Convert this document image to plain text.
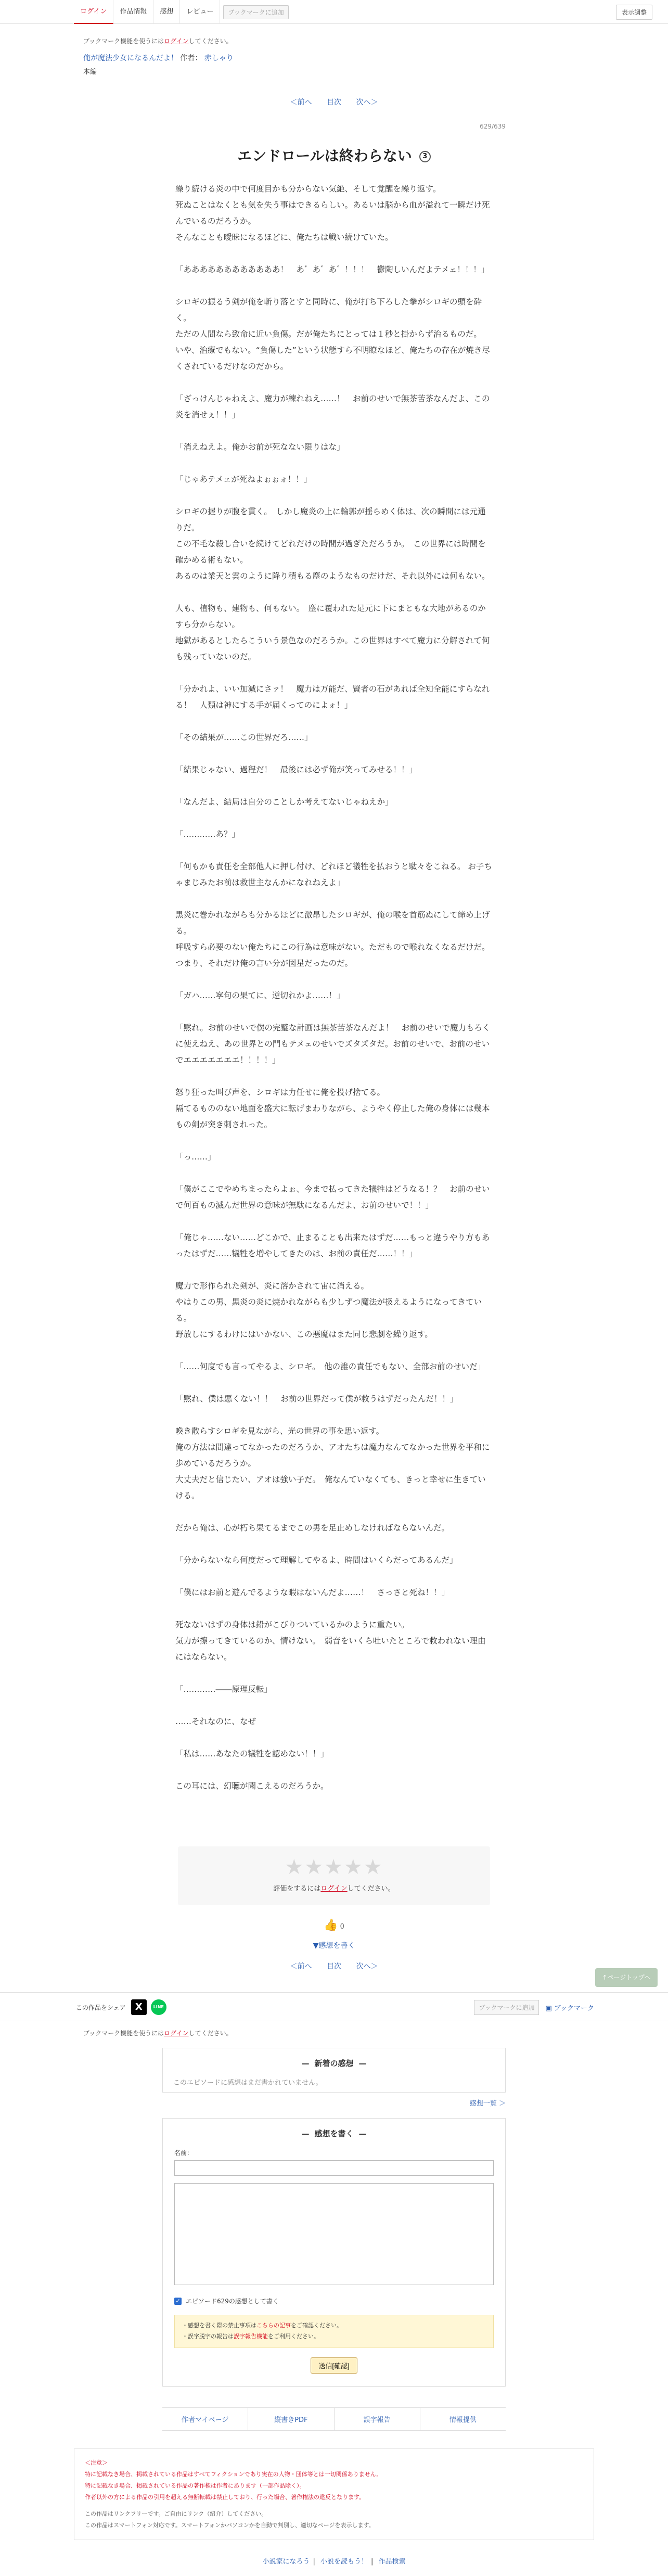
ログイン	作品情報	感想	レビュー	ブックマークに追加	表示調整
ブックマーク機能を使うにはログインしてください。
俺が魔法少女になるんだよ！ 作者： 赤しゃり
本編
＜前へ 目次 次へ＞
629/639
エンドロールは終わらない 3

繰り続ける炎の中で何度目かも分からない気絶、そして覚醒を繰り返す。

死ぬことはなくとも気を失う事はできるらしい。あるいは脳から血が溢れて一瞬だけ死んでいるのだろうか。

そんなことも曖昧になるほどに、俺たちは戦い続けていた。

「ああああああああああああ！　あ゛あ゛あ゛！！！　鬱陶しいんだよテメェ！！！」

シロギの振るう剣が俺を斬り落とすと同時に、俺が打ち下ろした拳がシロギの頭を砕く。

ただの人間なら致命に近い負傷。だが俺たちにとっては１秒と掛からず治るものだ。

いや、治療でもない。“負傷した”という状態すら不明瞭なほど、俺たちの存在が焼き尽くされているだけなのだから。

「ざっけんじゃねえよ、魔力が練れねえ……！　お前のせいで無茶苦茶なんだよ、この炎を消せぇ！！」

「消えねえよ。俺かお前が死なない限りはな」

「じゃあテメェが死ねよぉぉォ！！」

シロギの握りが腹を貫く。　しかし魔炎の上に輪郭が揺らめく体は、次の瞬間には元通りだ。

この不毛な殺し合いを続けてどれだけの時間が過ぎただろうか。　この世界には時間を確かめる術もない。

あるのは業天と雲のように降り積もる塵のようなものだけだ、それ以外には何もない。

人も、植物も、建物も、何もない。　塵に覆われた足元に下にまともな大地があるのかすら分からない。

地獄があるとしたらこういう景色なのだろうか。この世界はすべて魔力に分解されて何も残っていないのだ。

「分かれよ、いい加減にさァ！　魔力は万能だ、賢者の石があれば全知全能にすらなれる！　人類は神にする手が届くってのによォ！」

「その結果が……この世界だろ……」

「結果じゃない、過程だ！　最後には必ず俺が笑ってみせる！！」

「なんだよ、結局は自分のことしか考えてないじゃねえか」

「…………あ？」

「何もかも責任を全部他人に押し付け、どれほど犠牲を払おうと駄々をこねる。 お子ちゃまじみたお前は救世主なんかになれねえよ」

黒炎に巻かれながらも分かるほどに激昂したシロギが、俺の喉を首筋ぬにして締め上げる。

呼吸すら必要のない俺たちにこの行為は意味がない。ただもので喉れなくなるだけだ。

つまり、それだけ俺の言い分が図星だったのだ。

「ガハ……寧句の果てに、逆切れかよ……！」

「黙れ。お前のせいで僕の完璧な計画は無茶苦茶なんだよ！　お前のせいで魔力もろくに使えねえ、あの世界との門もテメェのせいでズタズタだ。お前のせいで、お前のせいでエエエエエエエ！！！！」

怒り狂った叫び声を、シロギは力任せに俺を投げ捨てる。

隔てるもののない地面を盛大に転げまわりながら、ようやく停止した俺の身体には幾本もの剣が突き刺されった。

「っ……」

「僕がここでやめちまったらよぉ、今まで払ってきた犠牲はどうなる！？　お前のせいで何百もの滅んだ世界の意味が無駄になるんだよ、お前のせいで！！」

「俺じゃ……ない……どこかで、止まることも出来たはずだ……もっと違うやり方もあったはずだ……犠牲を増やしてきたのは、お前の責任だ……！！」

魔力で形作られた剣が、炎に溶かされて宙に消える。

やはりこの男、黒炎の炎に焼かれながらも少しずつ魔法が扱えるようになってきている。

野放しにするわけにはいかない、この悪魔はまた同じ悲劇を繰り返す。

「……何度でも言ってやるよ、シロギ。　他の誰の責任でもない、全部お前のせいだ」

「黙れ、僕は悪くない！！　お前の世界だって僕が救うはずだったんだ！！」

喚き散らすシロギを見ながら、光の世界の事を思い返す。

俺の方法は間違ってなかったのだろうか、アオたちは魔力なんてなかった世界を平和に歩めているだろうか。

大丈夫だと信じたい、アオは強い子だ。　俺なんていなくても、きっと幸せに生きていける。

だから俺は、心が朽ち果てるまでこの男を足止めしなければならないんだ。

「分からないなら何度だって理解してやるよ、時間はいくらだってあるんだ」

「僕にはお前と遊んでるような暇はないんだよ……！　さっさと死ね！！」

死なないはずの身体は鉛がこびりついているかのように重たい。

気力が擦ってきているのか、情けない。　弱音をいくら吐いたところで救われない理由にはならない。

「…………――原理反転」

……それなのに、なぜ

「私は……あなたの犠牲を認めない！！」

この耳には、幻聴が聞こえるのだろうか。

★★★★★
評価をするにはログインしてください。
👍 0
▼感想を書く
＜前へ 目次 次へ＞
↑ページトップへ
この作品をシェア	X	LINE	ブックマークに追加	▣ ブックマーク
ブックマーク機能を使うにはログインしてください。
— 新着の感想 —
このエピソードに感想はまだ書かれていません。
感想一覧 ＞
— 感想を書く —
名前：

✓ エピソード629の感想として書く
・感想を書く際の禁止事項はこちらの記事をご確認ください。
・誤字脱字の報告は誤字報告機能をご利用ください。
送信[確認]
作者マイページ	縦書きPDF	誤字報告	情報提供
＜注意＞
特に記載なき場合、掲載されている作品はすべてフィクションであり実在の人物・団体等とは一切関係ありません。
特に記載なき場合、掲載されている作品の著作権は作者にあります（一部作品除く）。
作者以外の方による作品の引用を超える無断転載は禁止しており、行った場合、著作権法の違反となります。
この作品はリンクフリーです。ご自由にリンク（紹介）してください。
この作品はスマートフォン対応です。スマートフォンかパソコンかを自動で判別し、適切なページを表示します。
小説家になろう | 小説を読もう！ | 作品検索
